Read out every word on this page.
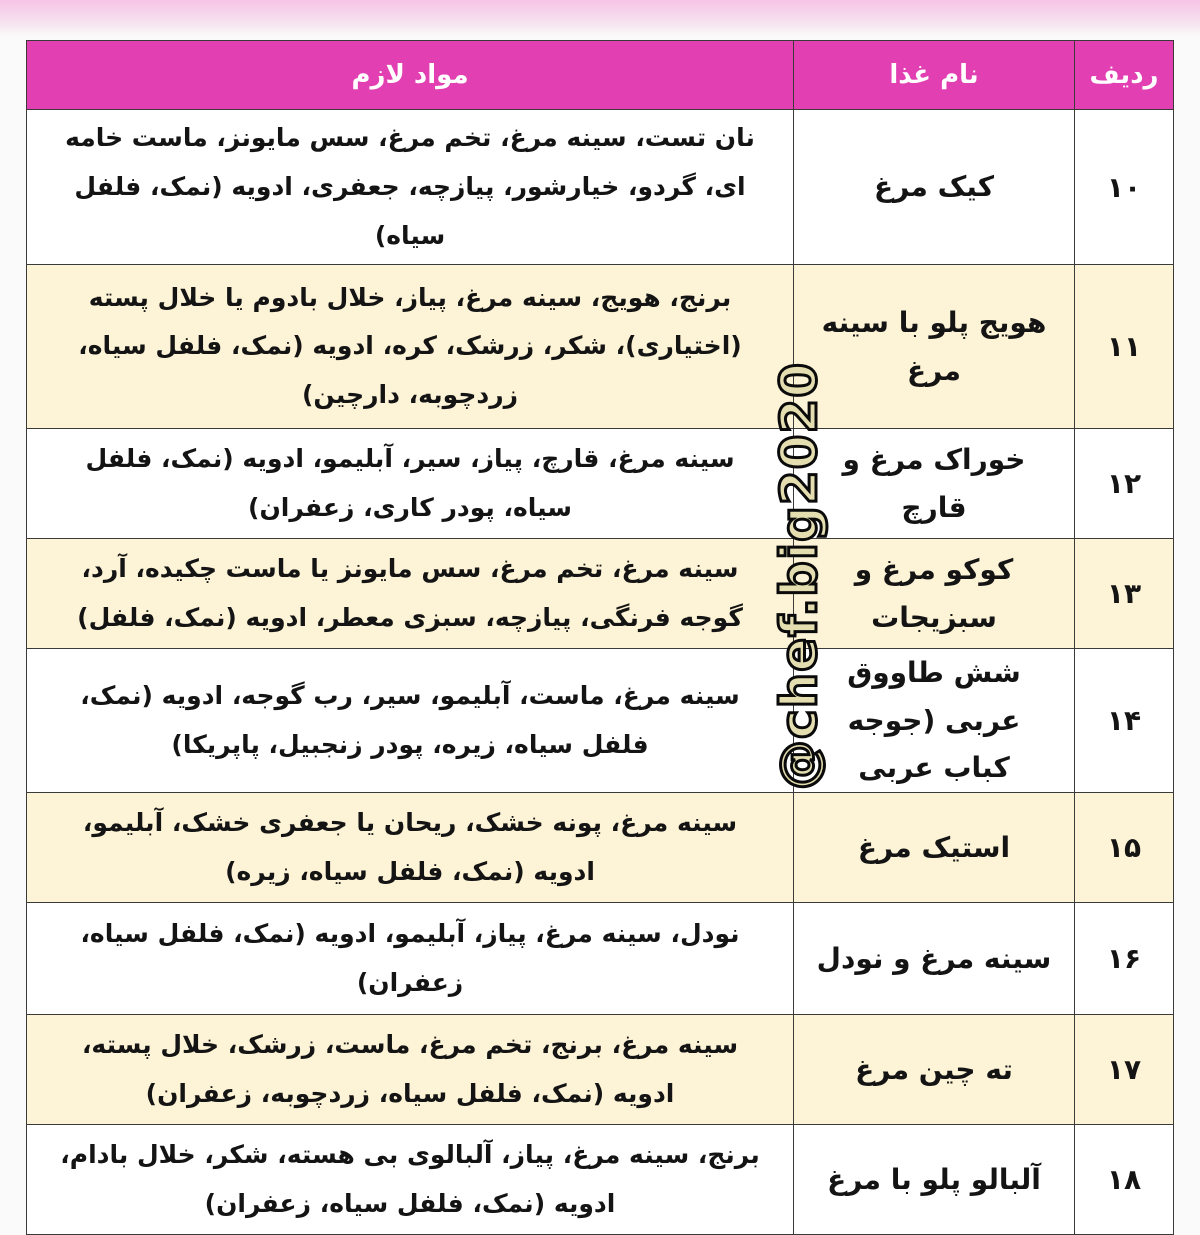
ردیف	نام غذا	مواد لازم
۱۰	کیک مرغ	نان تست، سینه مرغ، تخم مرغ، سس مایونز، ماست خامه ای، گردو، خیارشور، پیازچه، جعفری، ادویه (نمک، فلفل سیاه)
۱۱	هویج پلو با سینه مرغ	برنج، هویج، سینه مرغ، پیاز، خلال بادوم یا خلال پسته (اختیاری)، شکر، زرشک، کره، ادویه (نمک، فلفل سیاه، زردچوبه، دارچین)
۱۲	خوراک مرغ و قارچ	سینه مرغ، قارچ، پیاز، سیر، آبلیمو، ادویه (نمک، فلفل سیاه، پودر کاری، زعفران)
۱۳	کوکو مرغ و سبزیجات	سینه مرغ، تخم مرغ، سس مایونز یا ماست چکیده، آرد، گوجه فرنگی، پیازچه، سبزی معطر، ادویه (نمک، فلفل)
۱۴	شش طاووق عربی (جوجه کباب عربی	سینه مرغ، ماست، آبلیمو، سیر، رب گوجه، ادویه (نمک، فلفل سیاه، زیره، پودر زنجبیل، پاپریکا)
۱۵	استیک مرغ	سینه مرغ، پونه خشک، ریحان یا جعفری خشک، آبلیمو، ادویه (نمک، فلفل سیاه، زیره)
۱۶	سینه مرغ و نودل	نودل، سینه مرغ، پیاز، آبلیمو، ادویه (نمک، فلفل سیاه، زعفران)
۱۷	ته چین مرغ	سینه مرغ، برنج، تخم مرغ، ماست، زرشک، خلال پسته، ادویه (نمک، فلفل سیاه، زردچوبه، زعفران)
۱۸	آلبالو پلو با مرغ	برنج، سینه مرغ، پیاز، آلبالوی بی هسته، شکر، خلال بادام، ادویه (نمک، فلفل سیاه، زعفران)
@chef.big2020
